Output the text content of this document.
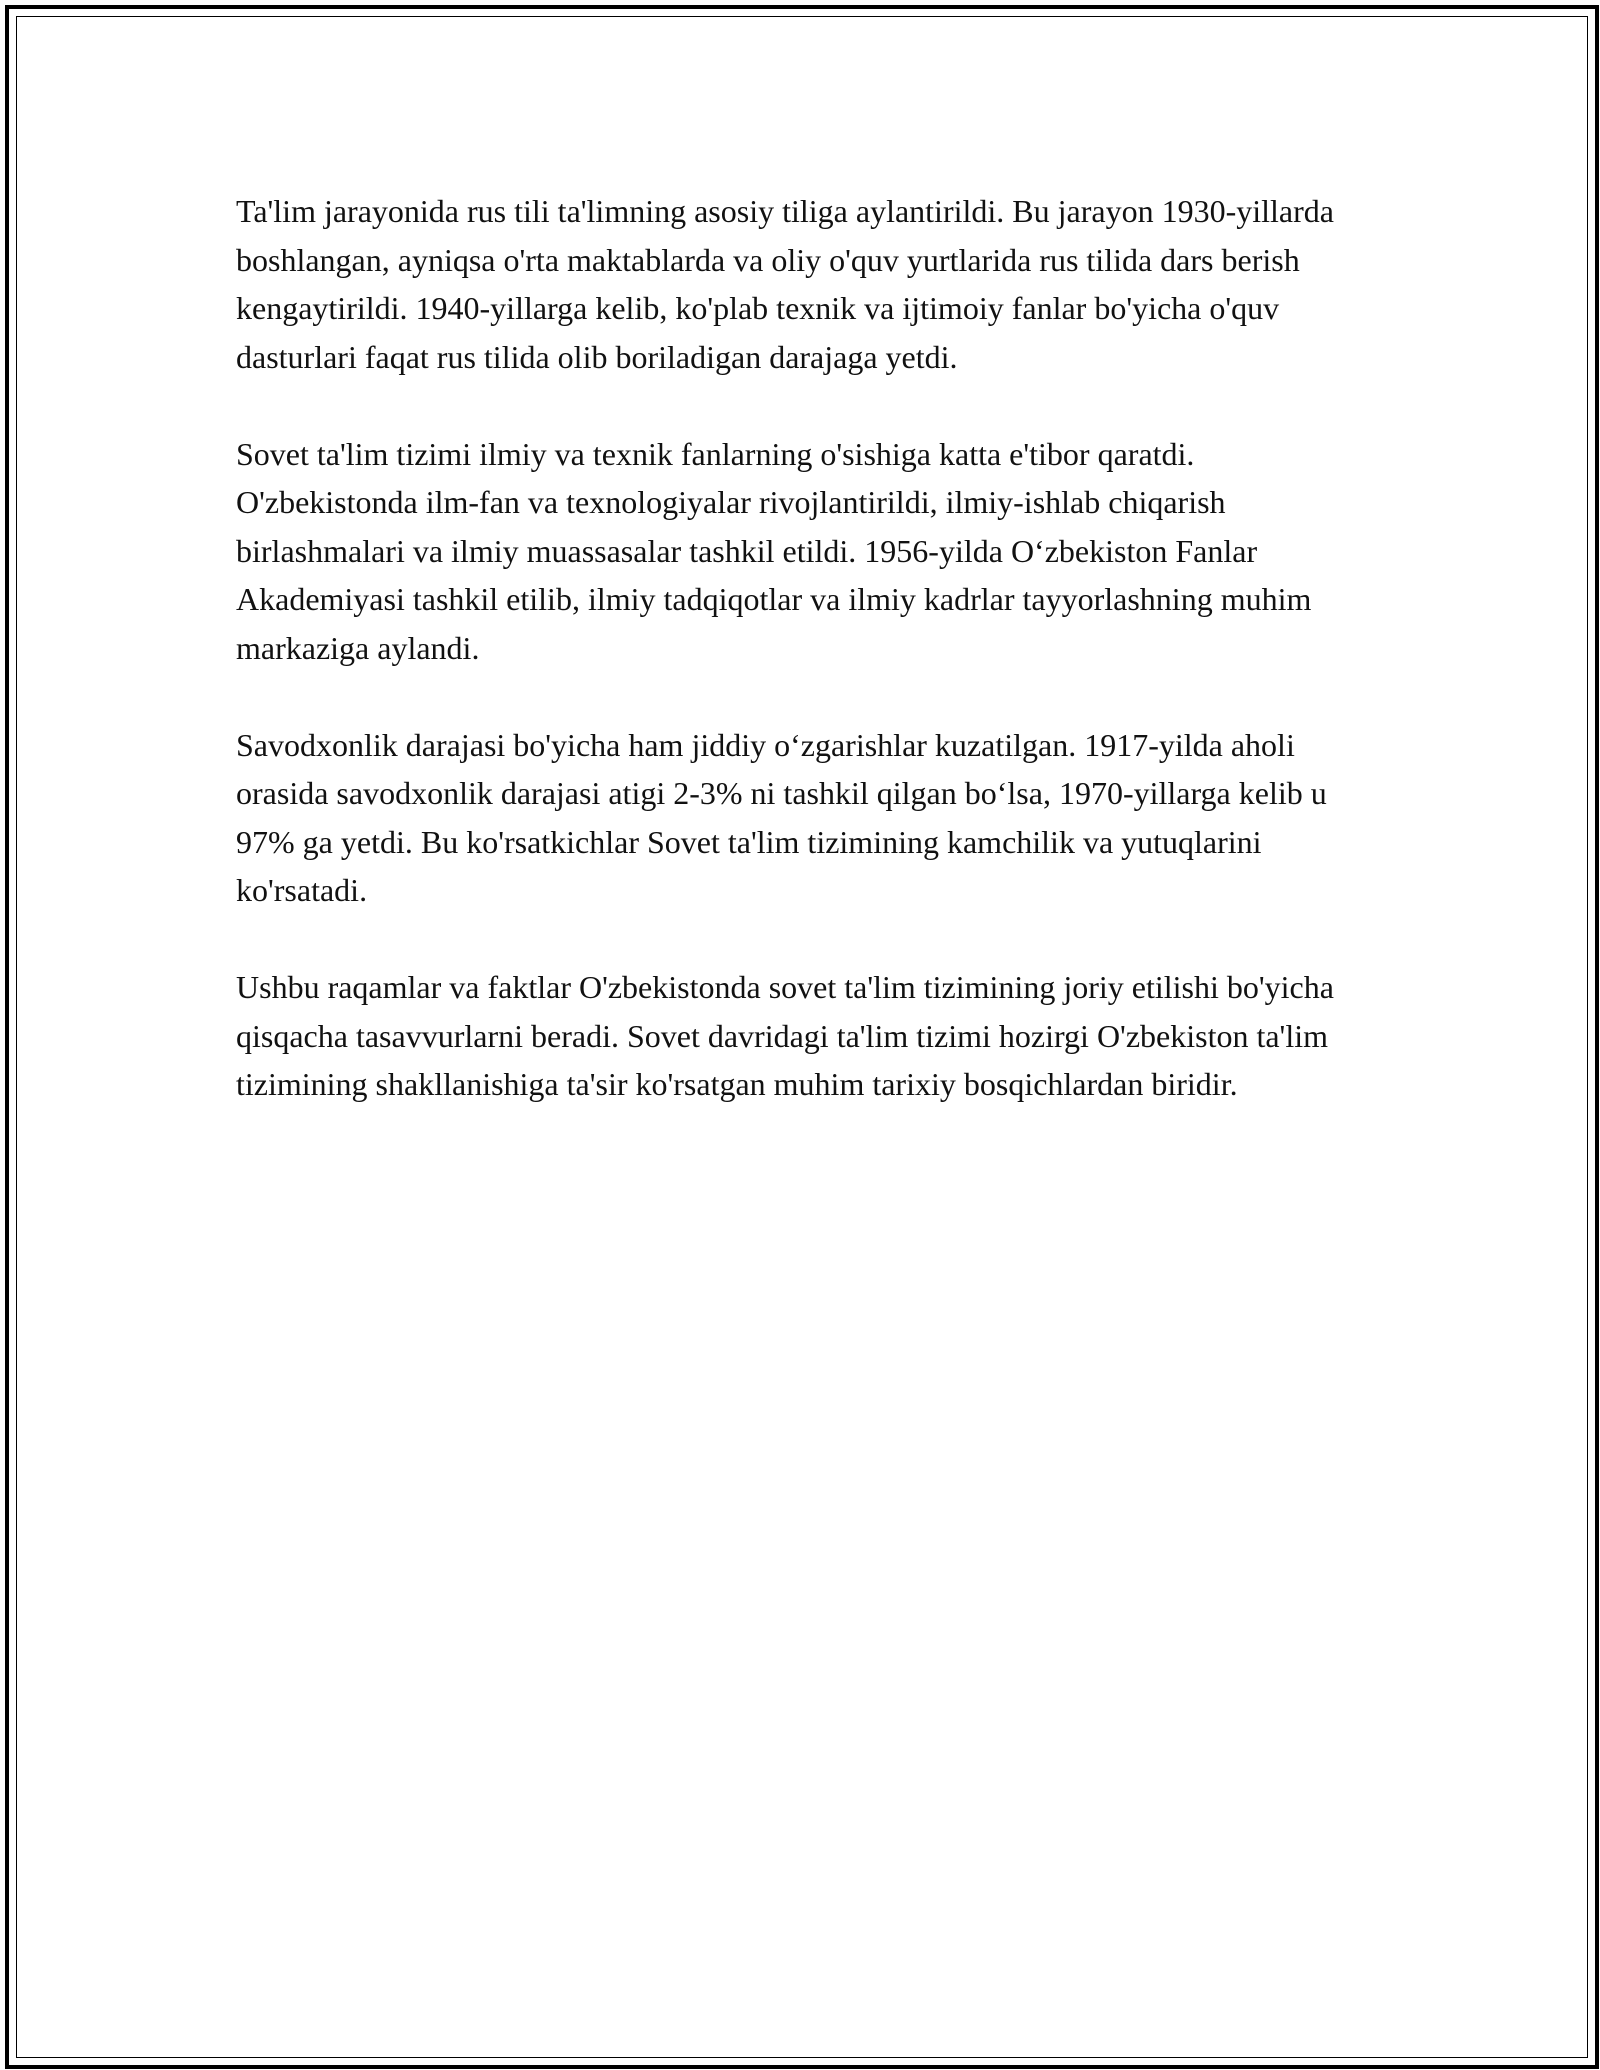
Ta'lim jarayonida rus tili ta'limning asosiy tiliga aylantirildi. Bu jarayon 1930-yillarda boshlangan, ayniqsa o'rta maktablarda va oliy o'quv yurtlarida rus tilida dars berish kengaytirildi. 1940-yillarga kelib, ko'plab texnik va ijtimoiy fanlar bo'yicha o'quv dasturlari faqat rus tilida olib boriladigan darajaga yetdi.

Sovet ta'lim tizimi ilmiy va texnik fanlarning o'sishiga katta e'tibor qaratdi. O'zbekistonda ilm-fan va texnologiyalar rivojlantirildi, ilmiy-ishlab chiqarish birlashmalari va ilmiy muassasalar tashkil etildi. 1956-yilda O‘zbekiston Fanlar Akademiyasi tashkil etilib, ilmiy tadqiqotlar va ilmiy kadrlar tayyorlashning muhim markaziga aylandi.

Savodxonlik darajasi bo'yicha ham jiddiy o‘zgarishlar kuzatilgan. 1917-yilda aholi orasida savodxonlik darajasi atigi 2-3% ni tashkil qilgan bo‘lsa, 1970-yillarga kelib u 97% ga yetdi. Bu ko'rsatkichlar Sovet ta'lim tizimining kamchilik va yutuqlarini ko'rsatadi.

Ushbu raqamlar va faktlar O'zbekistonda sovet ta'lim tizimining joriy etilishi bo'yicha qisqacha tasavvurlarni beradi. Sovet davridagi ta'lim tizimi hozirgi O'zbekiston ta'lim tizimining shakllanishiga ta'sir ko'rsatgan muhim tarixiy bosqichlardan biridir.
